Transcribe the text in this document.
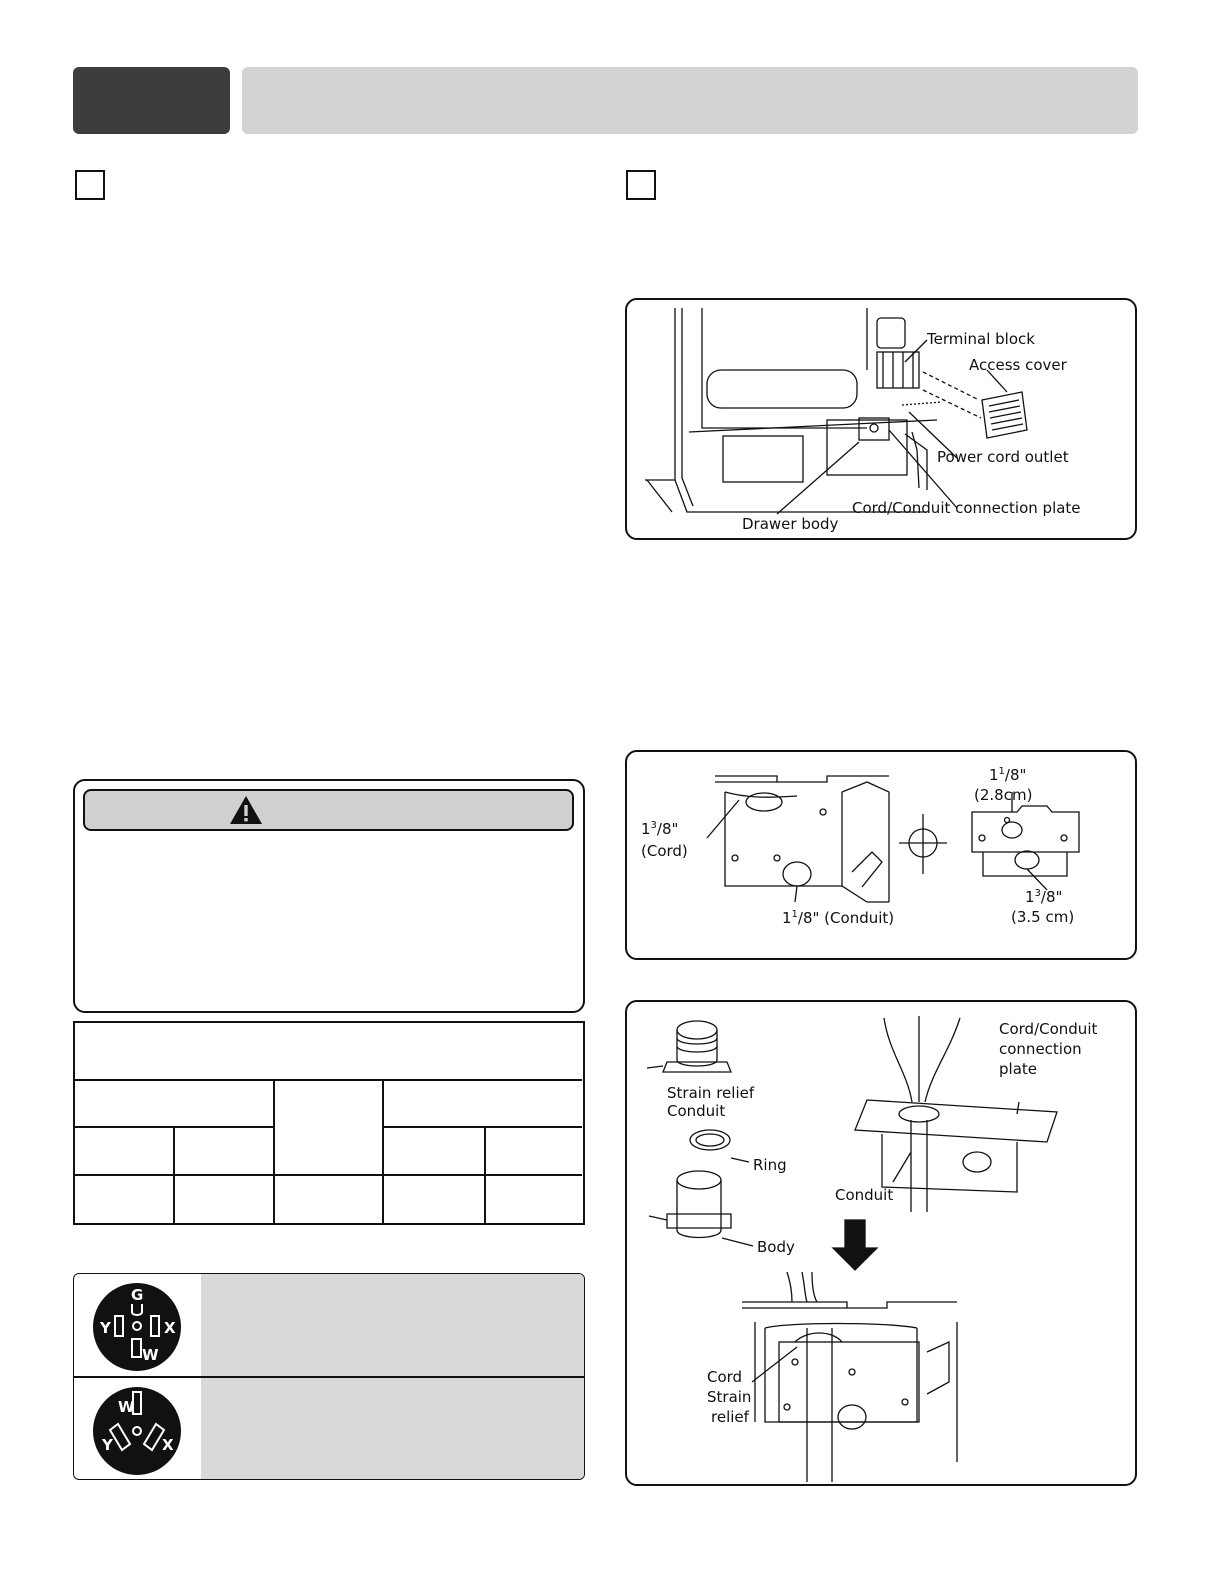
Terminal block
Access cover
Power cord outlet
Cord/Conduit connection plate
Drawer body
$1^3/8$"
(Cord)
$1^1/8$" (Conduit)
$1^1/8$"
(2.8cm)
$1^3/8$"
(3.5 cm)
Strain relief
Conduit
Ring
Body
Cord/Conduit
connection
plate
Conduit
Cord
Strain
relief
G
Y	X
W
W
Y	X
